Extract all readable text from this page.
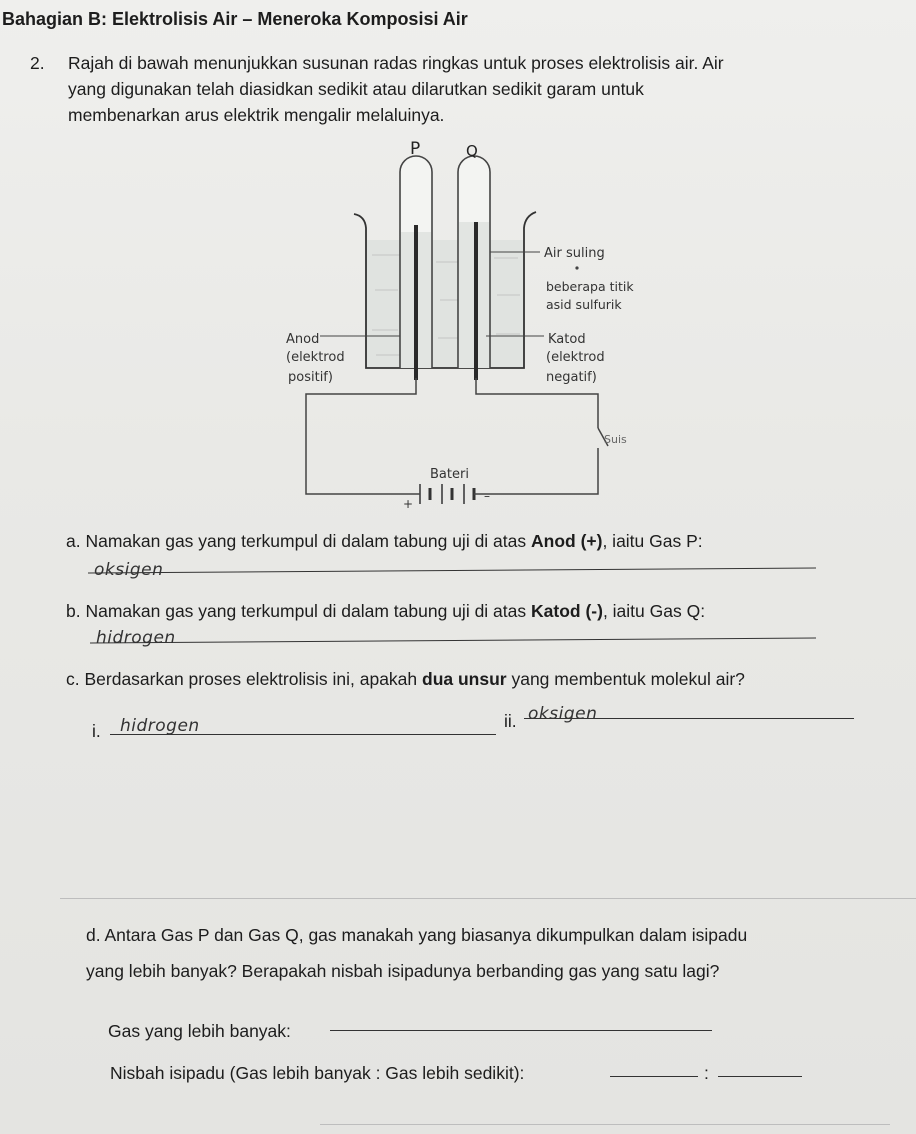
Bahagian B: Elektrolisis Air – Meneroka Komposisi Air
2. Rajah di bawah menunjukkan susunan radas ringkas untuk proses elektrolisis air. Air
yang digunakan telah diasidkan sedikit atau dilarutkan sedikit garam untuk
membenarkan arus elektrik mengalir melaluinya.
P	Q
Air suling
beberapa titik
asid sulfurik
Anod
(elektrod
positif)
Katod
(elektrod
negatif)
Suis
Bateri
+
–
a. Namakan gas yang terkumpul di dalam tabung uji di atas Anod (+), iaitu Gas P:
oksigen
b. Namakan gas yang terkumpul di dalam tabung uji di atas Katod (-), iaitu Gas Q:
hidrogen
c. Berdasarkan proses elektrolisis ini, apakah dua unsur yang membentuk molekul air?
i. hidrogen	ii. oksigen
d. Antara Gas P dan Gas Q, gas manakah yang biasanya dikumpulkan dalam isipadu
yang lebih banyak? Berapakah nisbah isipadunya berbanding gas yang satu lagi?
Gas yang lebih banyak:
Nisbah isipadu (Gas lebih banyak : Gas lebih sedikit):	:
